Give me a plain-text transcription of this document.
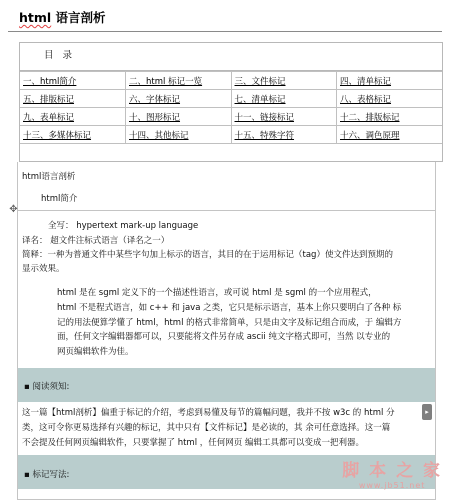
html 语言剖析
目 录
一、html简介	二、html 标记一览	三、文件标记	四、清单标记
五、排版标记	六、字体标记	七、清单标记	八、表格标记
九、表单标记	十、图形标记	十一、链接标记	十二、排版标记
十三、多媒体标记	十四、其他标记	十五、特殊字符	十六、调色原理
html语言剖析
html简介
✥
全写： hypertext mark-up language
译名： 超文件注标式语言（译名之一）
简释：一种为普通文件中某些字句加上标示的语言，其目的在于运用标记（tag）使文件达到预期的
显示效果。

html 是在 sgml 定义下的一个描述性语言，或可说 html 是 sgml 的一个应用程式，

html 不是程式语言，如 c++ 和 java 之类，它只是标示语言，基本上你只要明白了各种 标

记的用法便算学懂了 html，html 的格式非常简单，只是由文字及标记组合而成，于 编辑方

面，任何文字编辑器都可以，只要能将文件另存成 ascii 纯文字格式即可，当然 以专业的

网页编辑软件为佳。

▪ 阅读须知:

这一篇【html剖析】偏重于标记的介绍，考虑到易懂及每节的篇幅问题，我并不按 w3c 的 html 分

类，这可令你更易选择有兴趣的标记，其中只有【文件标记】是必读的，其 余可任意选择。这一篇

不会提及任何网页编辑软件，只要掌握了 html ，任何网页 编辑工具都可以变成一把利器。

▪ 标记写法:
▸
脚 本 之 家
www.jb51.net
